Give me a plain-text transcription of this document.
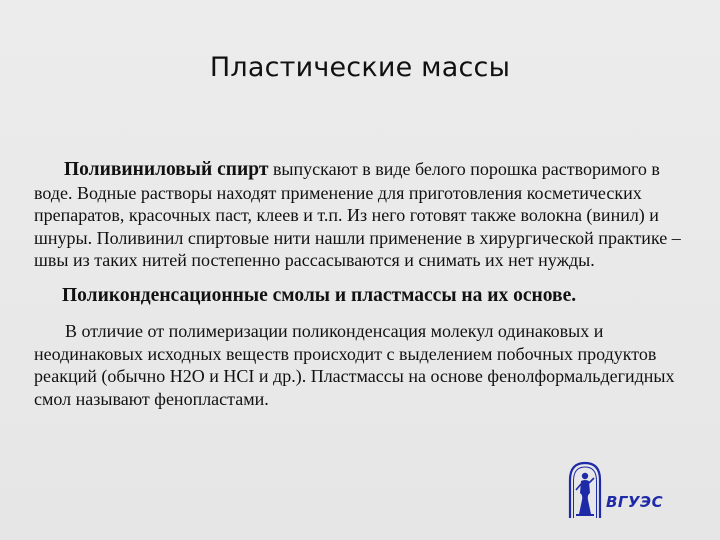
Пластические массы

Поливиниловый спирт выпускают в виде белого порошка растворимого в воде. Водные растворы находят применение для приготовления косметических препаратов, красочных паст, клеев и т.п. Из него готовят также волокна (винил) и шнуры. Поливинил спиртовые нити нашли применение в хирургической практике – швы из таких нитей постепенно рассасываются и снимать их нет нужды.

Поликонденсационные смолы и пластмассы на их основе.

В отличие от полимеризации поликонденсация молекул одинаковых и неодинаковых исходных веществ происходит с выделением побочных продуктов реакций (обычно Н2О и НСI и др.). Пластмассы на основе фенолформальдегидных смол называют фенопластами.

ВГУЭС
